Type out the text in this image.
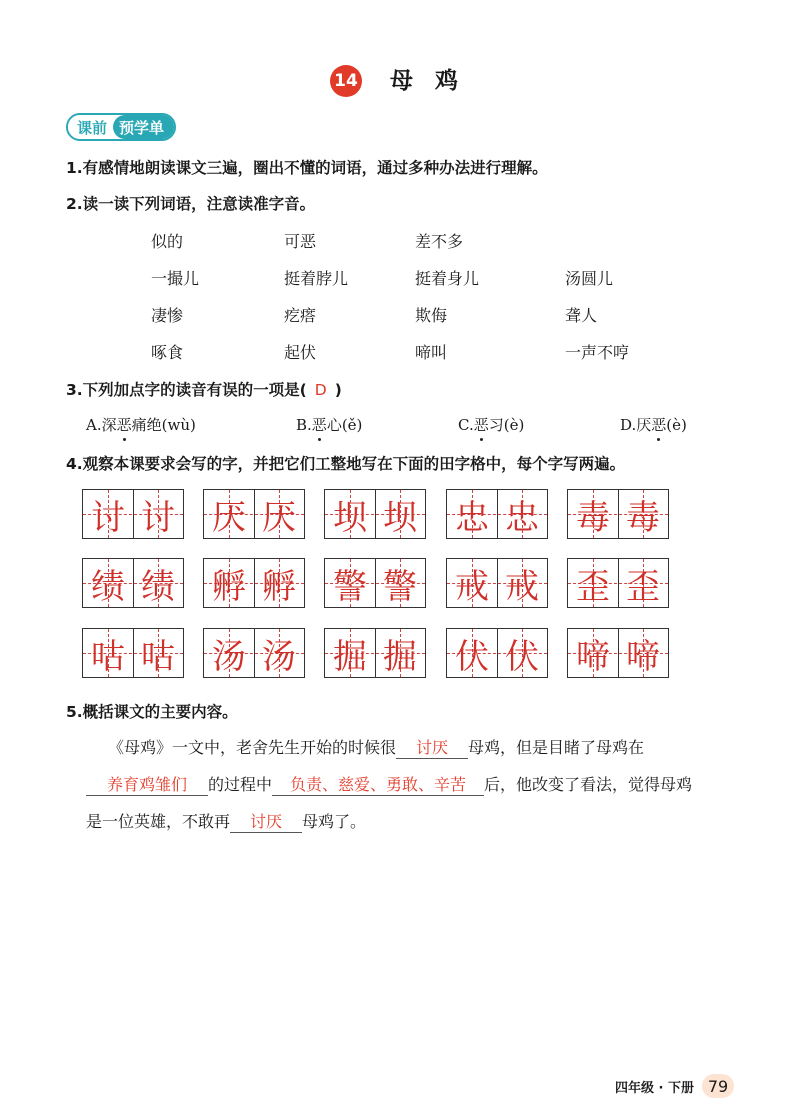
14 母鸡
课前 预学单
1.有感情地朗读课文三遍，圈出不懂的词语，通过多种办法进行理解。
2.读一读下列词语，注意读准字音。
似的	可恶	差不多
一撮儿	挺着脖儿	挺着身儿	汤圆儿
凄惨	疙瘩	欺侮	聋人
啄食	起伏	啼叫	一声不哼
3.下列加点字的读音有误的一项是( D )
A.深恶痛绝(wù)	B.恶心(ě)	C.恶习(è)	D.厌恶(è)
4.观察本课要求会写的字，并把它们工整地写在下面的田字格中，每个字写两遍。
讨 讨 厌 厌 坝 坝 忠 忠 毒 毒
绩 绩 孵 孵 警 警 戒 戒 歪 歪
咕 咕 汤 汤 掘 掘 伏 伏 啼 啼
5.概括课文的主要内容。
《母鸡》一文中，老舍先生开始的时候很 讨厌 母鸡，但是目睹了母鸡在
养育鸡雏们 的过程中 负责、慈爱、勇敢、辛苦 后，他改变了看法，觉得母鸡
是一位英雄，不敢再 讨厌 母鸡了。
四年级 · 下册 79
